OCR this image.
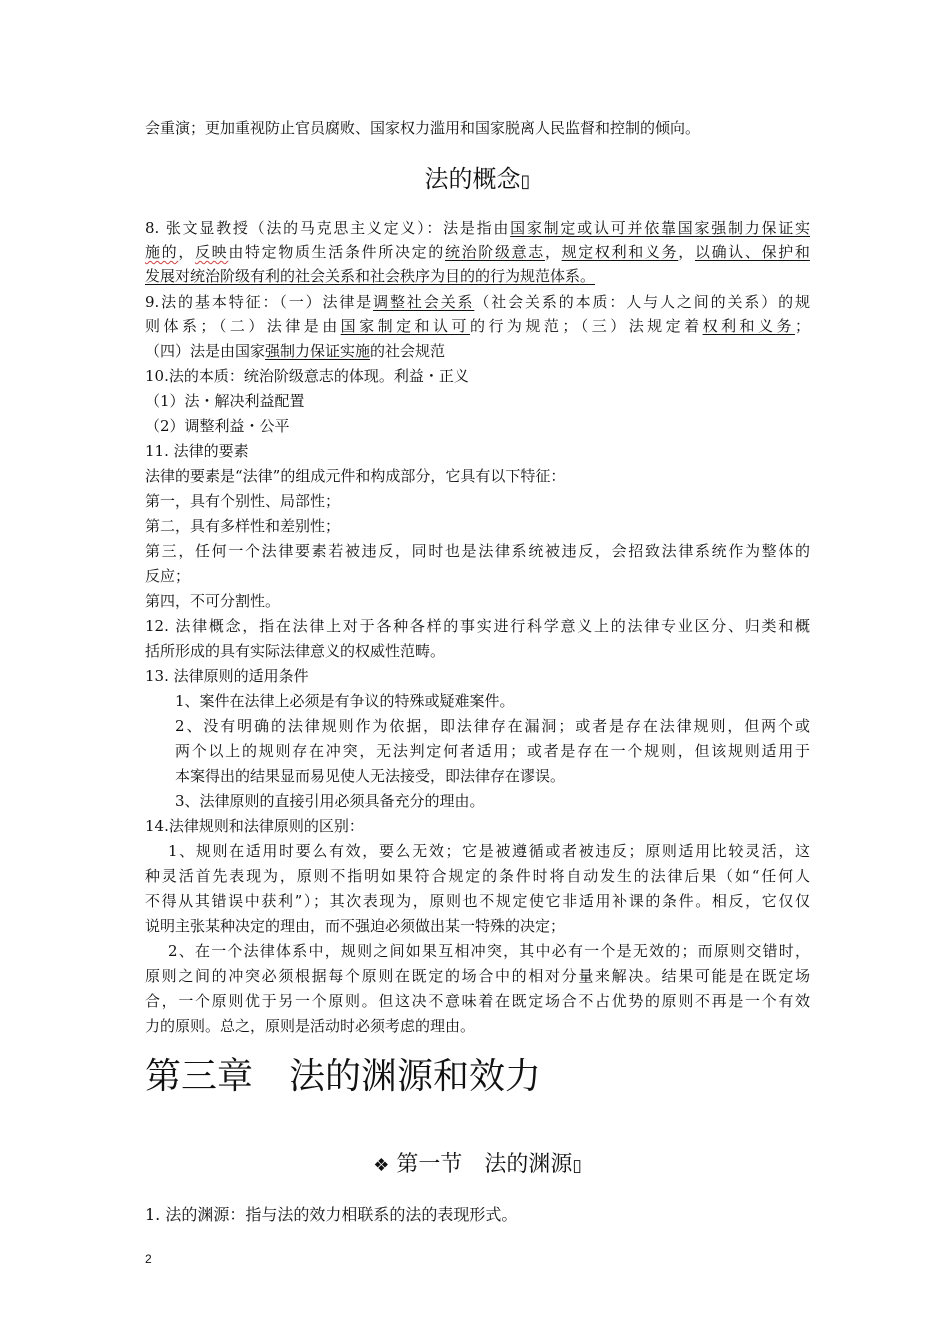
会重演；更加重视防止官员腐败、国家权力滥用和国家脱离人民监督和控制的倾向。
法的概念▯
8. 张文显教授（法的马克思主义定义）：法是指由国家制定或认可并依靠国家强制力保证实
施的，反映由特定物质生活条件所决定的统治阶级意志，规定权利和义务，以确认、保护和
发展对统治阶级有利的社会关系和社会秩序为目的的行为规范体系。
9.法的基本特征：（一）法律是调整社会关系（社会关系的本质：人与人之间的关系）的规
则体系；（二）法律是由国家制定和认可的行为规范；（三）法规定着权利和义务；
（四）法是由国家强制力保证实施的社会规范
10.法的本质：统治阶级意志的体现。利益・正义
（1）法・解决利益配置
（2）调整利益・公平
11. 法律的要素
法律的要素是“法律”的组成元件和构成部分，它具有以下特征：
第一，具有个别性、局部性；
第二，具有多样性和差别性；
第三，任何一个法律要素若被违反，同时也是法律系统被违反，会招致法律系统作为整体的
反应；
第四，不可分割性。
12. 法律概念，指在法律上对于各种各样的事实进行科学意义上的法律专业区分、归类和概
括所形成的具有实际法律意义的权威性范畴。
13. 法律原则的适用条件
1、案件在法律上必须是有争议的特殊或疑难案件。
2、没有明确的法律规则作为依据，即法律存在漏洞；或者是存在法律规则，但两个或
两个以上的规则存在冲突，无法判定何者适用；或者是存在一个规则，但该规则适用于
本案得出的结果显而易见使人无法接受，即法律存在谬误。
3、法律原则的直接引用必须具备充分的理由。
14.法律规则和法律原则的区别：
1、规则在适用时要么有效，要么无效；它是被遵循或者被违反；原则适用比较灵活，这
种灵活首先表现为，原则不指明如果符合规定的条件时将自动发生的法律后果（如“任何人
不得从其错误中获利”）；其次表现为，原则也不规定使它非适用补课的条件。相反，它仅仅
说明主张某种决定的理由，而不强迫必须做出某一特殊的决定；
2、在一个法律体系中，规则之间如果互相冲突，其中必有一个是无效的；而原则交错时，
原则之间的冲突必须根据每个原则在既定的场合中的相对分量来解决。结果可能是在既定场
合，一个原则优于另一个原则。但这决不意味着在既定场合不占优势的原则不再是一个有效
力的原则。总之，原则是活动时必须考虑的理由。
第三章　法的渊源和效力
❖ 第一节　法的渊源▯
1. 法的渊源：指与法的效力相联系的法的表现形式。
2
